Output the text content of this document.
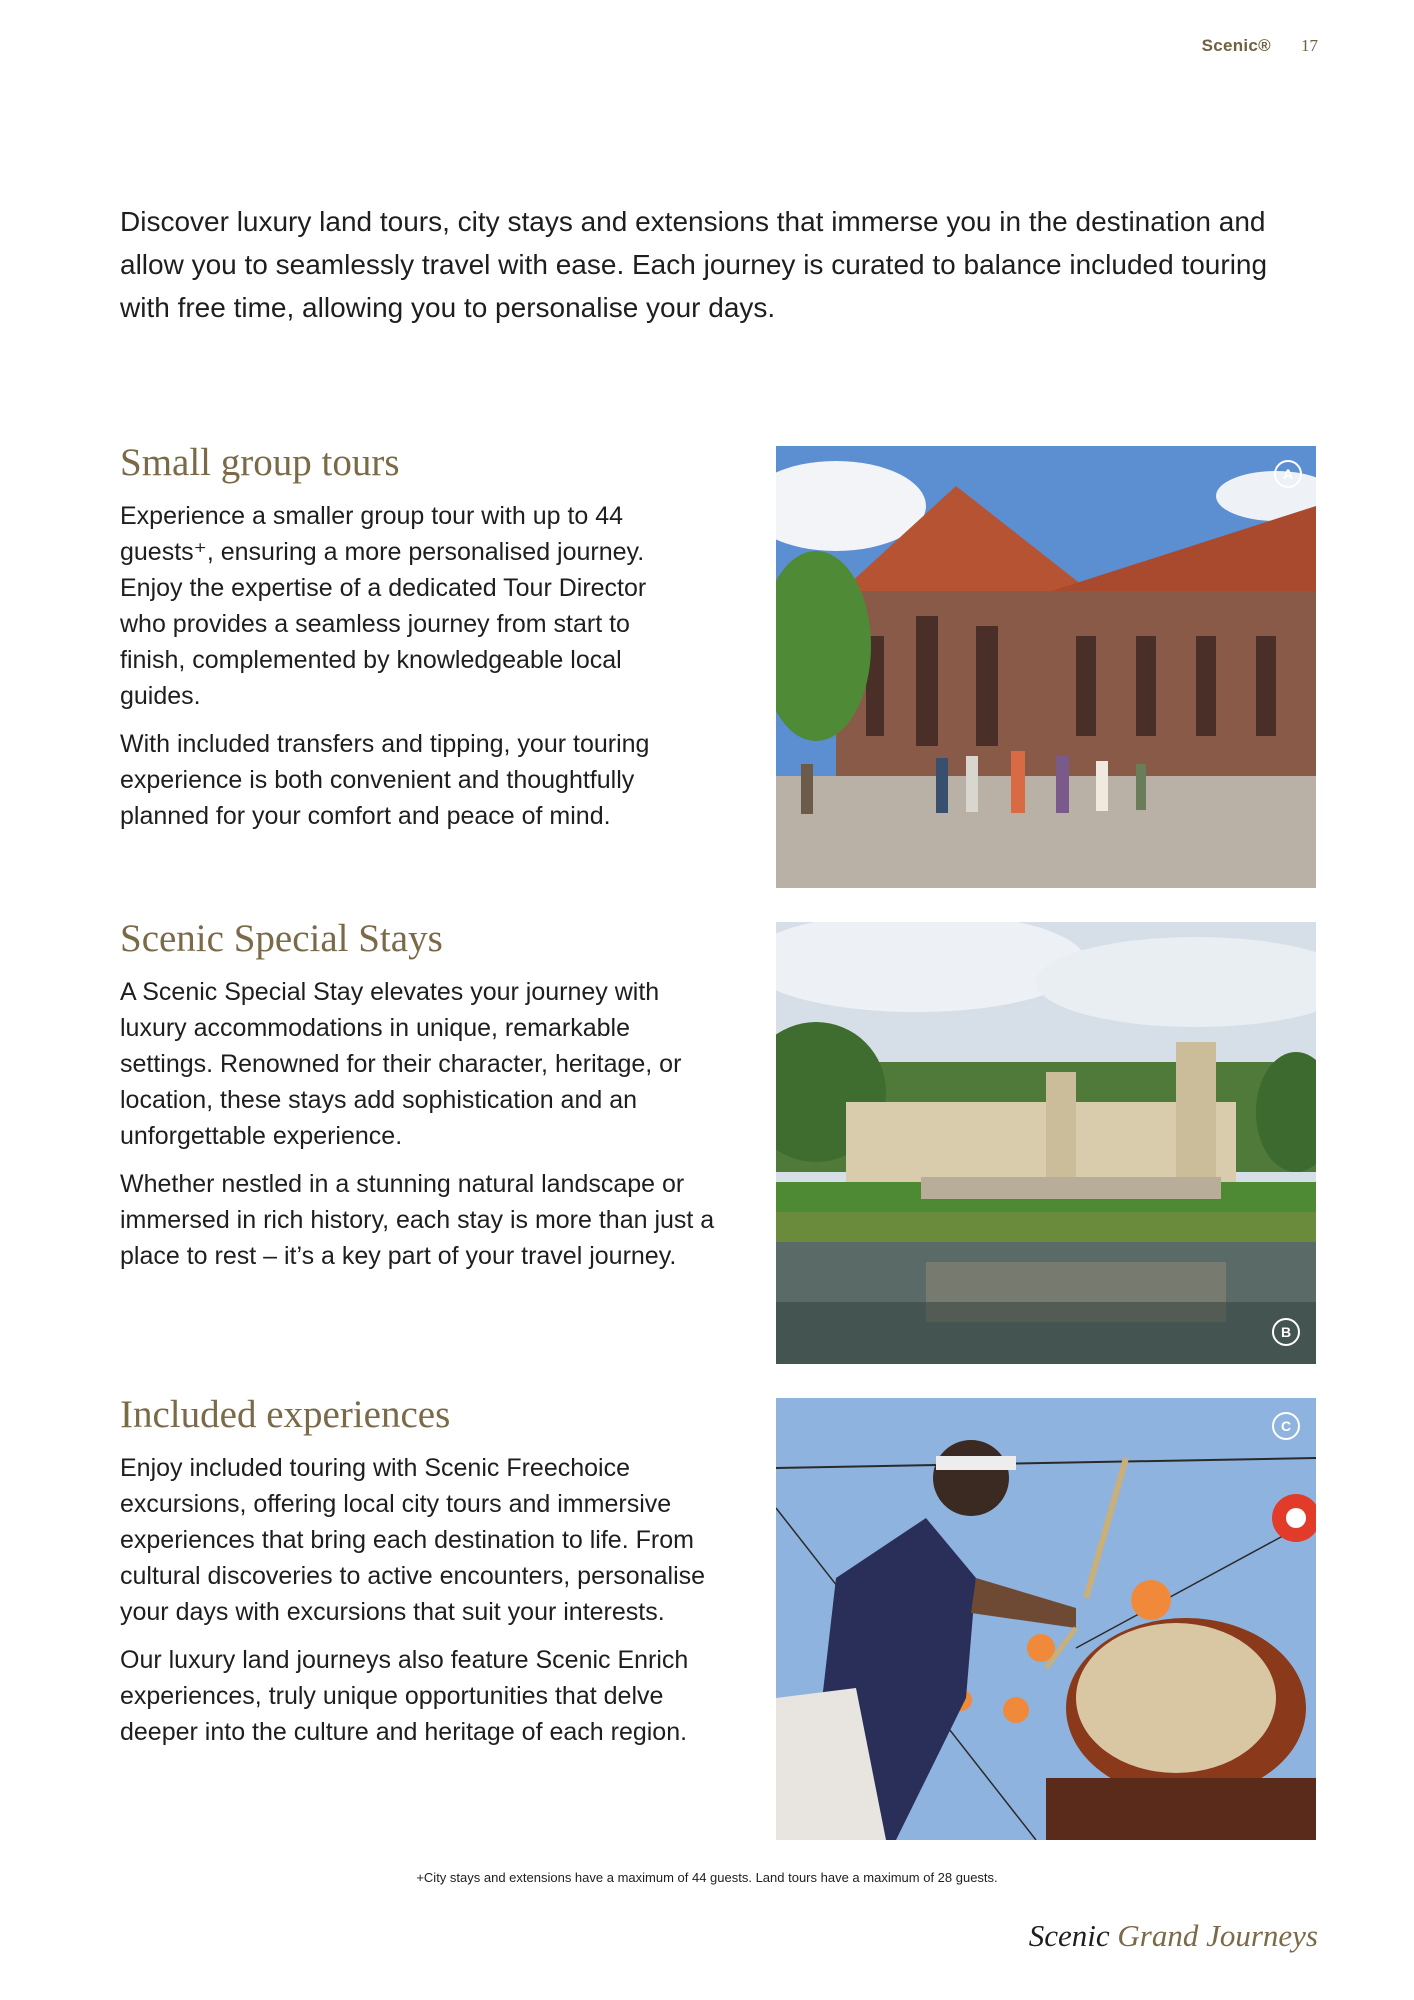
Scenic® 17

Discover luxury land tours, city stays and extensions that immerse you in the destination and allow you to seamlessly travel with ease. Each journey is curated to balance included touring with free time, allowing you to personalise your days.

Small group tours

Experience a smaller group tour with up to 44 guests⁺, ensuring a more personalised journey. Enjoy the expertise of a dedicated Tour Director who provides a seamless journey from start to finish, complemented by knowledgeable local guides.

With included transfers and tipping, your touring experience is both convenient and thoughtfully planned for your comfort and peace of mind.

Scenic Special Stays

A Scenic Special Stay elevates your journey with luxury accommodations in unique, remarkable settings. Renowned for their character, heritage, or location, these stays add sophistication and an unforgettable experience.

Whether nestled in a stunning natural landscape or immersed in rich history, each stay is more than just a place to rest – it’s a key part of your travel journey.

Included experiences

Enjoy included touring with Scenic Freechoice excursions, offering local city tours and immersive experiences that bring each destination to life. From cultural discoveries to active encounters, personalise your days with excursions that suit your interests.

Our luxury land journeys also feature Scenic Enrich experiences, truly unique opportunities that delve deeper into the culture and heritage of each region.

A
B
C
+City stays and extensions have a maximum of 44 guests. Land tours have a maximum of 28 guests.
Scenic Grand Journeys
